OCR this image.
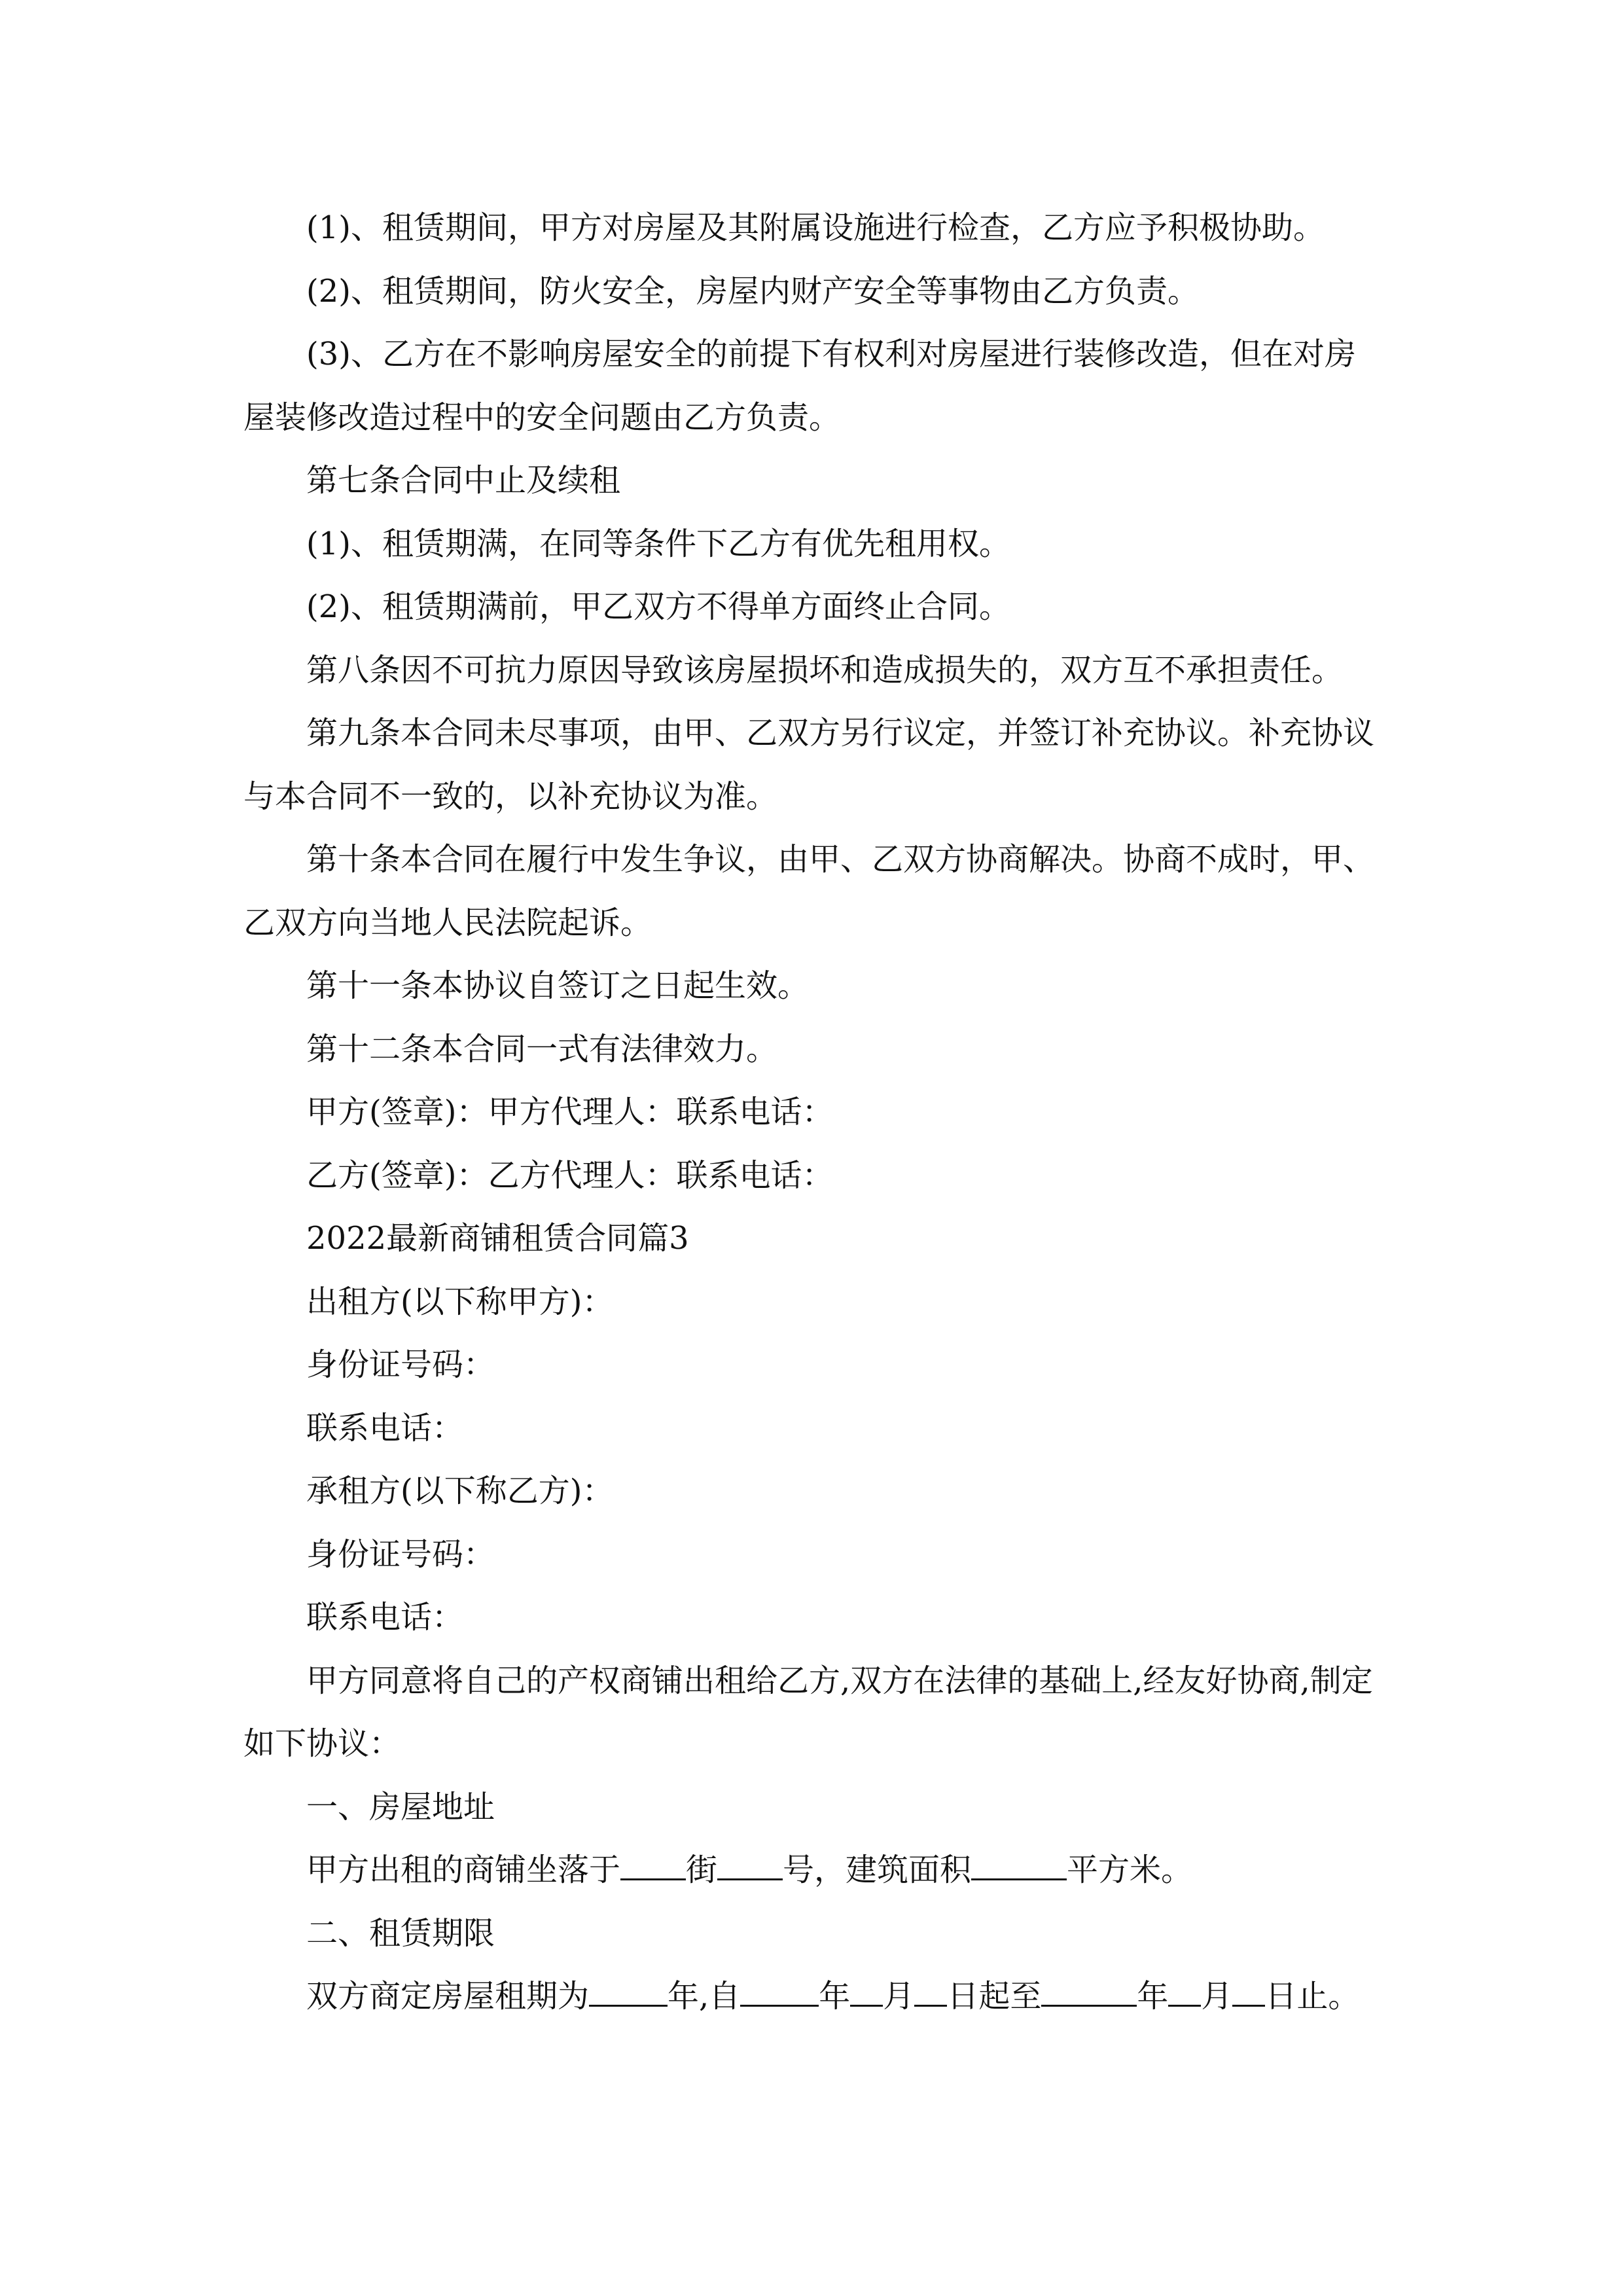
(1)、租赁期间，甲方对房屋及其附属设施进行检查，乙方应予积极协助。

(2)、租赁期间，防火安全，房屋内财产安全等事物由乙方负责。

(3)、乙方在不影响房屋安全的前提下有权利对房屋进行装修改造，但在对房屋装修改造过程中的安全问题由乙方负责。

第七条合同中止及续租

(1)、租赁期满，在同等条件下乙方有优先租用权。

(2)、租赁期满前，甲乙双方不得单方面终止合同。

第八条因不可抗力原因导致该房屋损坏和造成损失的，双方互不承担责任。

第九条本合同未尽事项，由甲、乙双方另行议定，并签订补充协议。补充协议与本合同不一致的，以补充协议为准。

第十条本合同在履行中发生争议，由甲、乙双方协商解决。协商不成时，甲、乙双方向当地人民法院起诉。

第十一条本协议自签订之日起生效。

第十二条本合同一式有法律效力。

甲方(签章)：甲方代理人：联系电话：

乙方(签章)：乙方代理人：联系电话：

2022最新商铺租赁合同篇3

出租方(以下称甲方)：

身份证号码：

联系电话：

承租方(以下称乙方)：

身份证号码：

联系电话：

甲方同意将自己的产权商铺出租给乙方,双方在法律的基础上,经友好协商,制定如下协议：

一、房屋地址

甲方出租的商铺坐落于 街 号，建筑面积	平方米。

二、租赁期限

双方商定房屋租期为	年,自	年 月 日起至	年 月 日止。
